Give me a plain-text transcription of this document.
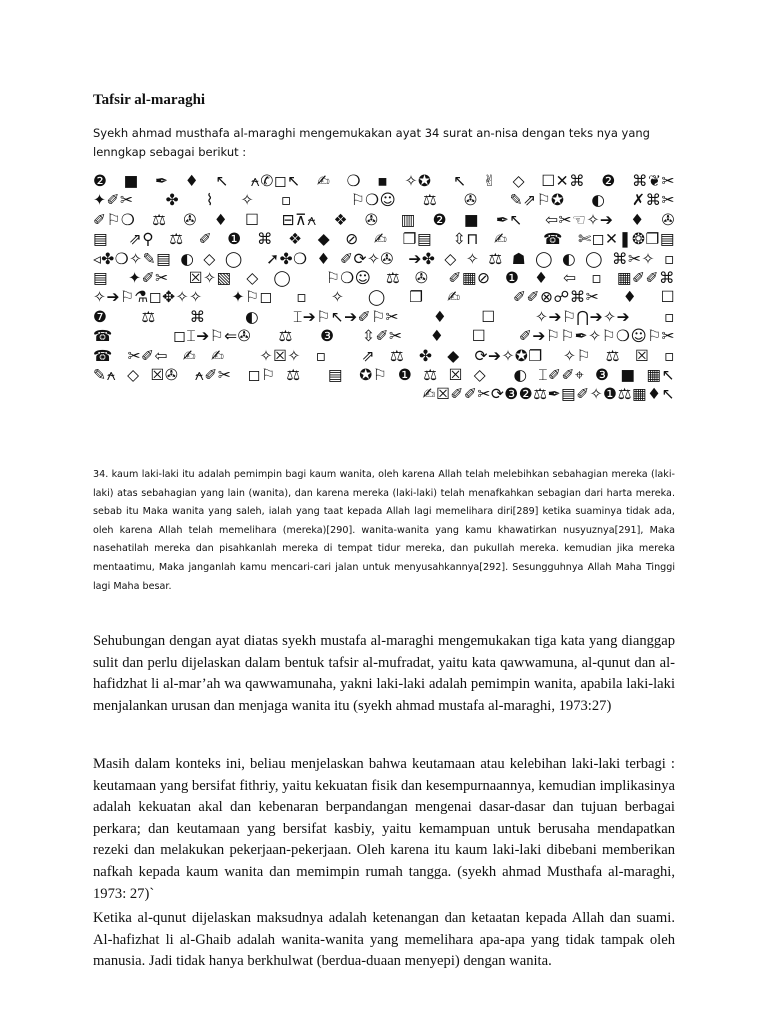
Tafsir al-maraghi
Syekh ahmad musthafa al-maraghi mengemukakan ayat 34 surat an-nisa dengan teks nya yang lenngkap sebagai berikut :
❷■✒♦↖ ⍲✆◻↖✍❍▪✧✪ ↖✌◇☐✕⌘❷⌘❦✂
✦✐✂ ✤⌇✧▫ ⚐❍☺⚖✇ ✎⇗⚐✪◐✗⌘✂
✐⚐❍⚖✇♦☐ ⊟⊼⍲❖✇ ▥❷■✒↖ ⇦✂☜✧➔♦✇
▤ ⇗⚲⚖✐❶⌘❖◆⊘✍❐▤ ⇳⊓✍ ☎✄◻✕❚❂❐▤
◃✤❍✧✎▤◐◇◯ ➚✤❍♦✐⟳✧✇ ➔✤◇✧⚖☗◯◐◯⌘✂✧▫
▤ ✦✐✂ ☒✧▧◇◯ ⚐❍☺⚖✇ ✐▦⊘❶♦⇦▫▦✐✐⌘
✧➔⚐⚗◻✥✧✧ ✦⚐◻▫✧◯❐✍ ✐✐⊗☍⌘✂♦☐
❼⚖⌘ ◐⌶➔⚐↖➔✐⚐✂♦☐ ✧➔⚐⋂➔✧➔▫
☎ ◻⌶➔⚐⇐✇⚖❸⇳✐✂♦☐ ✐➔⚐⚐✒✧⚐❍☺⚐✂
☎✂✐⇦✍✍ ✧☒✧▫ ⇗⚖✤◆⟳➔✧✪❐ ✧⚐⚖☒▫
✎⍲◇☒✇ ⍲✐✂ ◻⚐⚖ ▤ ✪⚐❶⚖☒◇ ◐⌶✐✐⌖❸■▦↖
✍☒✐✐✂⟳❸❷⚖✒▤✐✧❶⚖▦♦↖
34. kaum laki-laki itu adalah pemimpin bagi kaum wanita, oleh karena Allah telah melebihkan sebahagian mereka (laki-laki) atas sebahagian yang lain (wanita), dan karena mereka (laki-laki) telah menafkahkan sebagian dari harta mereka. sebab itu Maka wanita yang saleh, ialah yang taat kepada Allah lagi memelihara diri[289] ketika suaminya tidak ada, oleh karena Allah telah memelihara (mereka)[290]. wanita-wanita yang kamu khawatirkan nusyuznya[291], Maka nasehatilah mereka dan pisahkanlah mereka di tempat tidur mereka, dan pukullah mereka. kemudian jika mereka mentaatimu, Maka janganlah kamu mencari-cari jalan untuk menyusahkannya[292]. Sesungguhnya Allah Maha Tinggi lagi Maha besar.

Sehubungan dengan ayat diatas syekh mustafa al-maraghi mengemukakan tiga kata yang dianggap sulit dan perlu dijelaskan dalam bentuk tafsir al-mufradat, yaitu kata qawwamuna, al-qunut dan al-hafidzhat li al-mar’ah wa qawwamunaha, yakni laki-laki adalah pemimpin wanita, apabila laki-laki menjalankan urusan dan menjaga wanita itu (syekh ahmad mustafa al-maraghi, 1973:27)

Masih dalam konteks ini, beliau menjelaskan bahwa keutamaan atau kelebihan laki-laki terbagi : keutamaan yang bersifat fithriy, yaitu kekuatan fisik dan kesempurnaannya, kemudian implikasinya adalah kekuatan akal dan kebenaran berpandangan mengenai dasar-dasar dan tujuan berbagai perkara; dan keutamaan yang bersifat kasbiy, yaitu kemampuan untuk berusaha mendapatkan rezeki dan melakukan pekerjaan-pekerjaan. Oleh karena itu kaum laki-laki dibebani memberikan nafkah kepada kaum wanita dan memimpin rumah tangga. (syekh ahmad Musthafa al-maraghi, 1973: 27)`

Ketika al-qunut dijelaskan maksudnya adalah ketenangan dan ketaatan kepada Allah dan suami. Al-hafizhat li al-Ghaib adalah wanita-wanita yang memelihara apa-apa yang tidak tampak oleh manusia. Jadi tidak hanya berkhulwat (berdua-duaan menyepi) dengan wanita.
